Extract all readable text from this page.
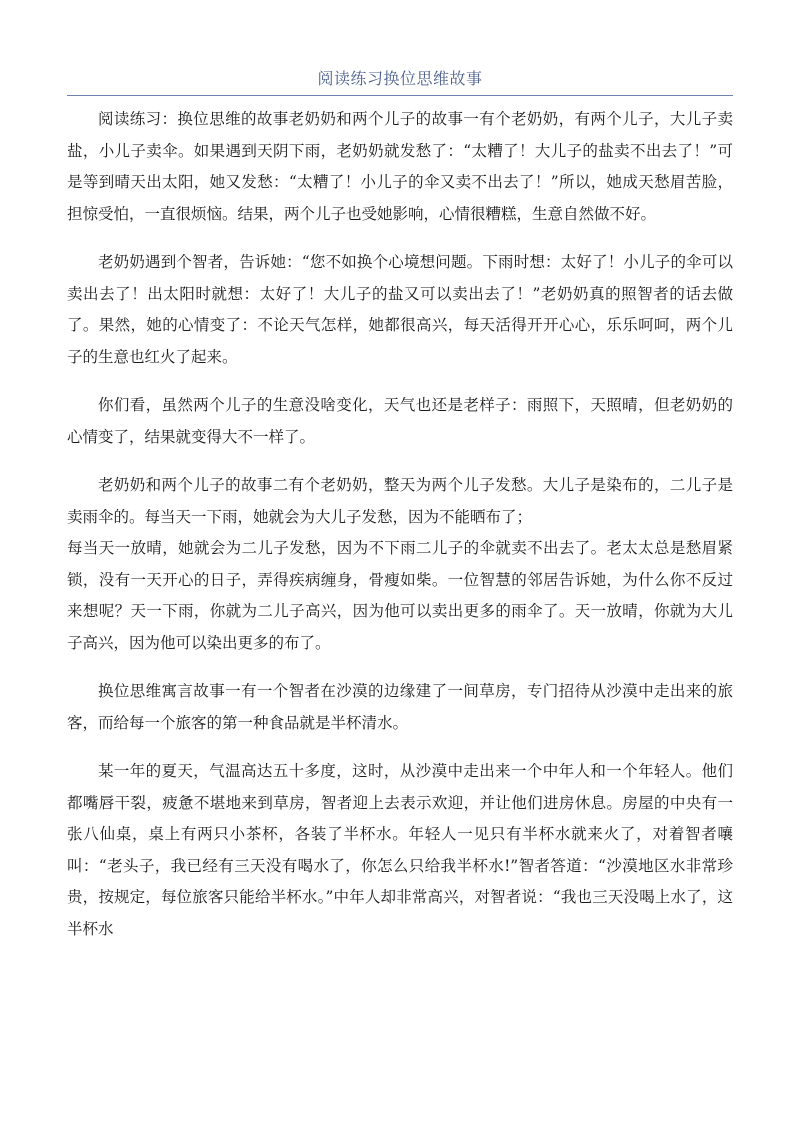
阅读练习换位思维故事

阅读练习：换位思维的故事老奶奶和两个儿子的故事一有个老奶奶，有两个儿子，大儿子卖盐，小儿子卖伞。如果遇到天阴下雨，老奶奶就发愁了：“太糟了！大儿子的盐卖不出去了！”可是等到晴天出太阳，她又发愁：“太糟了！小儿子的伞又卖不出去了！”所以，她成天愁眉苦脸，担惊受怕，一直很烦恼。结果，两个儿子也受她影响，心情很糟糕，生意自然做不好。

老奶奶遇到个智者，告诉她：“您不如换个心境想问题。下雨时想：太好了！小儿子的伞可以卖出去了！出太阳时就想：太好了！大儿子的盐又可以卖出去了！”老奶奶真的照智者的话去做了。果然，她的心情变了：不论天气怎样，她都很高兴，每天活得开开心心，乐乐呵呵，两个儿子的生意也红火了起来。

你们看，虽然两个儿子的生意没啥变化，天气也还是老样子：雨照下，天照晴，但老奶奶的心情变了，结果就变得大不一样了。

老奶奶和两个儿子的故事二有个老奶奶，整天为两个儿子发愁。大儿子是染布的，二儿子是卖雨伞的。每当天一下雨，她就会为大儿子发愁，因为不能晒布了；

每当天一放晴，她就会为二儿子发愁，因为不下雨二儿子的伞就卖不出去了。老太太总是愁眉紧锁，没有一天开心的日子，弄得疾病缠身，骨瘦如柴。一位智慧的邻居告诉她，为什么你不反过来想呢？天一下雨，你就为二儿子高兴，因为他可以卖出更多的雨伞了。天一放晴，你就为大儿子高兴，因为他可以染出更多的布了。

换位思维寓言故事一有一个智者在沙漠的边缘建了一间草房，专门招待从沙漠中走出来的旅客，而给每一个旅客的第一种食品就是半杯清水。

某一年的夏天，气温高达五十多度，这时，从沙漠中走出来一个中年人和一个年轻人。他们都嘴唇干裂，疲惫不堪地来到草房，智者迎上去表示欢迎，并让他们进房休息。房屋的中央有一张八仙桌，桌上有两只小茶杯，各装了半杯水。年轻人一见只有半杯水就来火了，对着智者嚷叫：“老头子，我已经有三天没有喝水了，你怎么只给我半杯水!”智者答道：“沙漠地区水非常珍贵，按规定，每位旅客只能给半杯水。”中年人却非常高兴，对智者说：“我也三天没喝上水了，这半杯水
